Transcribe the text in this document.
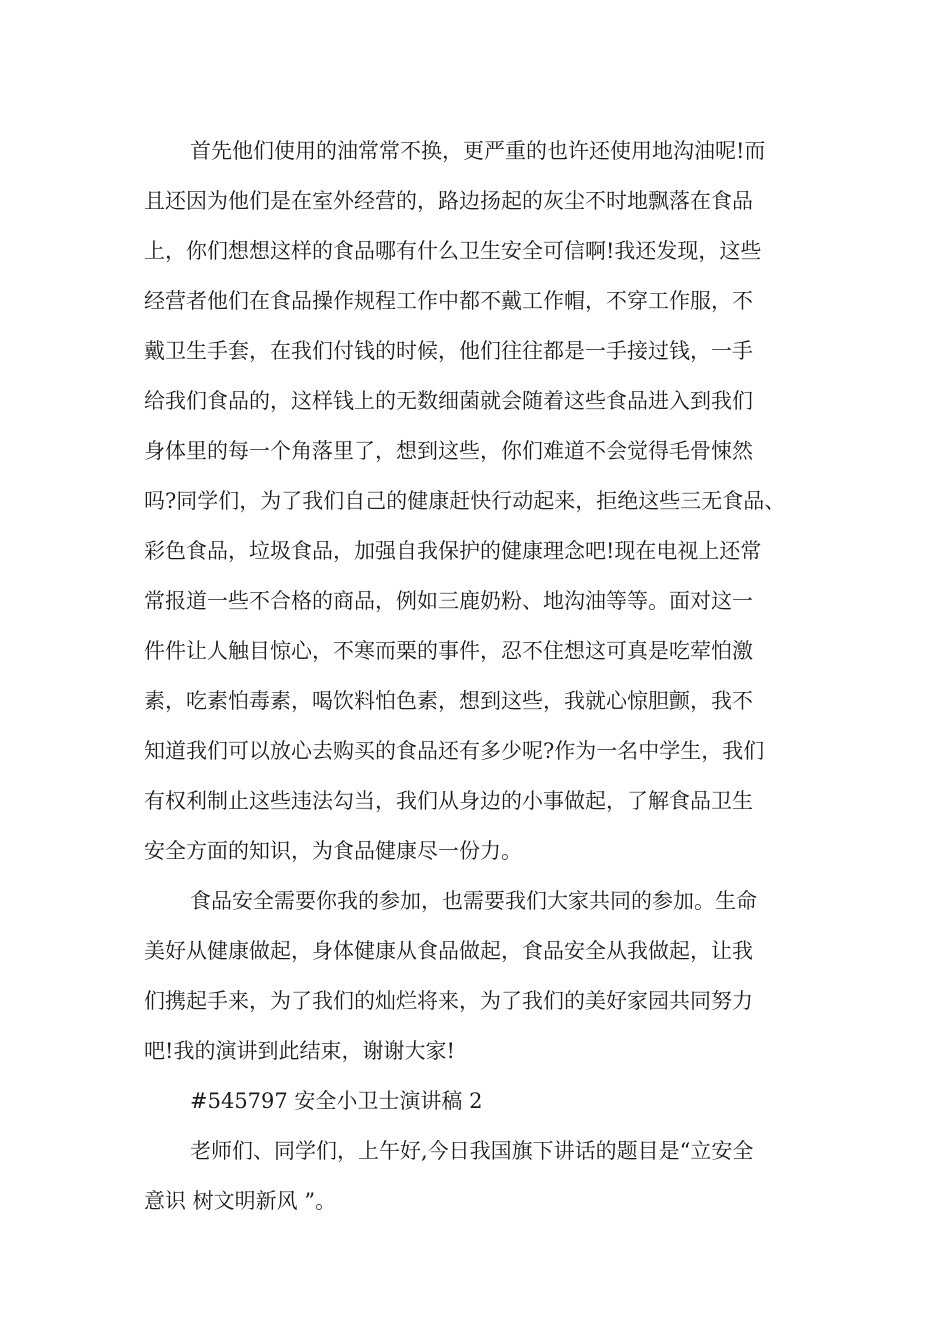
首先他们使用的油常常不换，更严重的也许还使用地沟油呢!而
且还因为他们是在室外经营的，路边扬起的灰尘不时地飘落在食品
上，你们想想这样的食品哪有什么卫生安全可信啊!我还发现，这些
经营者他们在食品操作规程工作中都不戴工作帽，不穿工作服，不
戴卫生手套，在我们付钱的时候，他们往往都是一手接过钱，一手
给我们食品的，这样钱上的无数细菌就会随着这些食品进入到我们
身体里的每一个角落里了，想到这些，你们难道不会觉得毛骨悚然
吗?同学们，为了我们自己的健康赶快行动起来，拒绝这些三无食品、
彩色食品，垃圾食品，加强自我保护的健康理念吧!现在电视上还常
常报道一些不合格的商品，例如三鹿奶粉、地沟油等等。面对这一
件件让人触目惊心，不寒而栗的事件，忍不住想这可真是吃荤怕激
素，吃素怕毒素，喝饮料怕色素，想到这些，我就心惊胆颤，我不
知道我们可以放心去购买的食品还有多少呢?作为一名中学生，我们
有权利制止这些违法勾当，我们从身边的小事做起，了解食品卫生
安全方面的知识，为食品健康尽一份力。
食品安全需要你我的参加，也需要我们大家共同的参加。生命
美好从健康做起，身体健康从食品做起，食品安全从我做起，让我
们携起手来，为了我们的灿烂将来，为了我们的美好家园共同努力
吧!我的演讲到此结束，谢谢大家!
#545797 安全小卫士演讲稿 2
老师们、同学们，上午好,今日我国旗下讲话的题目是“立安全
意识 树文明新风 ”。
